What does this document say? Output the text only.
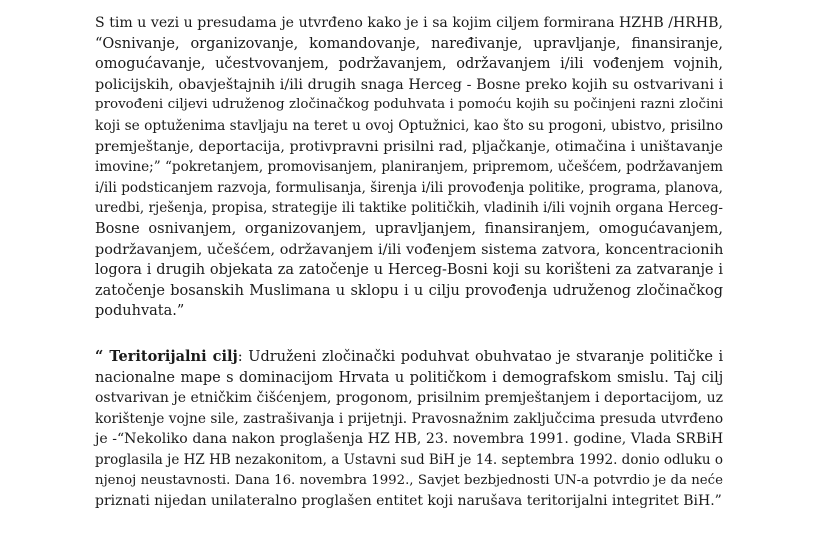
S tim u vezi u presudama je utvrđeno kako je i sa kojim ciljem formirana HZHB /HRHB,
“Osnivanje, organizovanje, komandovanje, naređivanje, upravljanje, finansiranje,
omogućavanje, učestvovanjem, podržavanjem, održavanjem i/ili vođenjem vojnih,
policijskih, obavještajnih i/ili drugih snaga Herceg - Bosne preko kojih su ostvarivani i
provođeni ciljevi udruženog zločinačkog poduhvata i pomoću kojih su počinjeni razni zločini
koji se optuženima stavljaju na teret u ovoj Optužnici, kao što su progoni, ubistvo, prisilno
premještanje, deportacija, protivpravni prisilni rad, pljačkanje, otimačina i uništavanje
imovine;” “pokretanjem, promovisanjem, planiranjem, pripremom, učešćem, podržavanjem
i/ili podsticanjem razvoja, formulisanja, širenja i/ili provođenja politike, programa, planova,
uredbi, rješenja, propisa, strategije ili taktike političkih, vladinih i/ili vojnih organa Herceg-
Bosne osnivanjem, organizovanjem, upravljanjem, finansiranjem, omogućavanjem,
podržavanjem, učešćem, održavanjem i/ili vođenjem sistema zatvora, koncentracionih
logora i drugih objekata za zatočenje u Herceg-Bosni koji su korišteni za zatvaranje i
zatočenje bosanskih Muslimana u sklopu i u cilju provođenja udruženog zločinačkog
poduhvata.”
“ Teritorijalni cilj: Udruženi zločinački poduhvat obuhvatao je stvaranje političke i
nacionalne mape s dominacijom Hrvata u političkom i demografskom smislu. Taj cilj
ostvarivan je etničkim čišćenjem, progonom, prisilnim premještanjem i deportacijom, uz
korištenje vojne sile, zastrašivanja i prijetnji. Pravosnažnim zaključcima presuda utvrđeno
je -“Nekoliko dana nakon proglašenja HZ HB, 23. novembra 1991. godine, Vlada SRBiH
proglasila je HZ HB nezakonitom, a Ustavni sud BiH je 14. septembra 1992. donio odluku o
njenoj neustavnosti. Dana 16. novembra 1992., Savjet bezbjednosti UN-a potvrdio je da neće
priznati nijedan unilateralno proglašen entitet koji narušava teritorijalni integritet BiH.”
